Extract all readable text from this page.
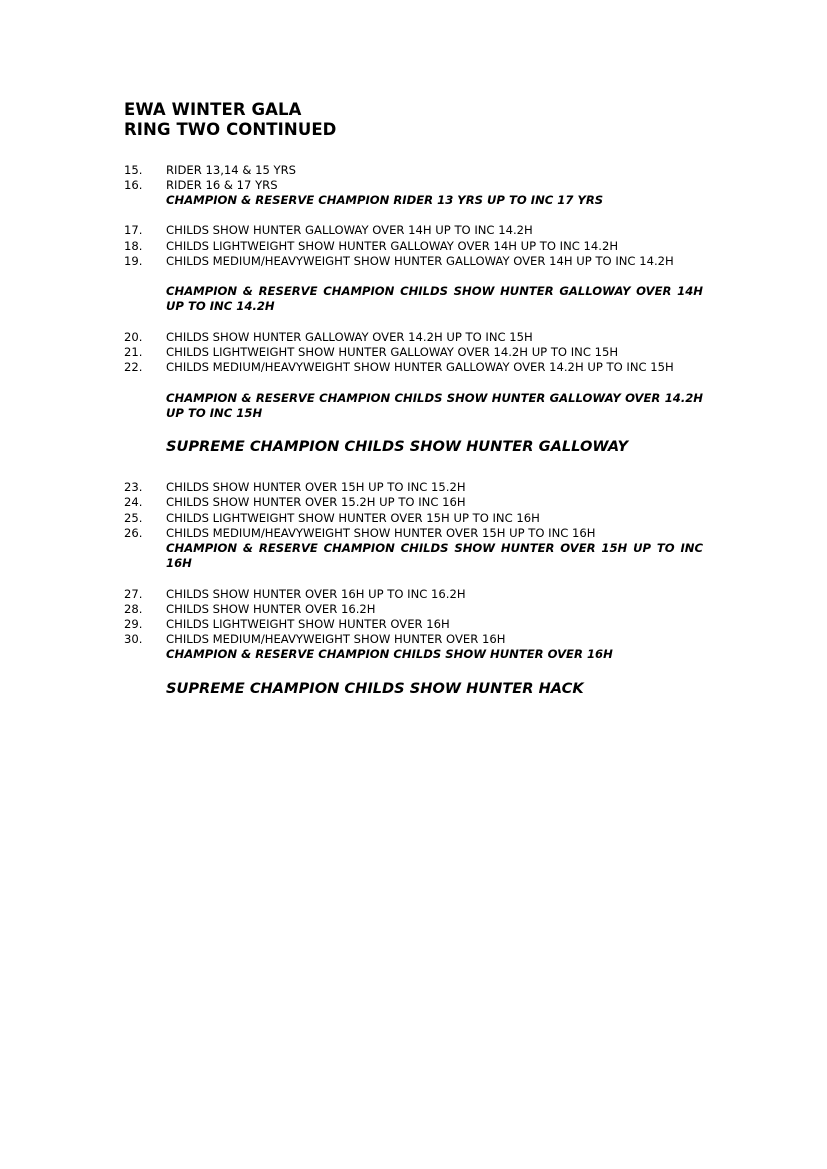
EWA WINTER GALA
RING TWO CONTINUED
15.	RIDER 13,14 & 15 YRS
16.	RIDER 16 & 17 YRS
CHAMPION & RESERVE CHAMPION RIDER 13 YRS UP TO INC 17 YRS
17.	CHILDS SHOW HUNTER GALLOWAY OVER 14H UP TO INC 14.2H
18.	CHILDS LIGHTWEIGHT SHOW HUNTER GALLOWAY OVER 14H UP TO INC 14.2H
19.	CHILDS MEDIUM/HEAVYWEIGHT SHOW HUNTER GALLOWAY OVER 14H UP TO INC 14.2H
CHAMPION & RESERVE CHAMPION CHILDS SHOW HUNTER GALLOWAY OVER 14H UP TO INC 14.2H
20.	CHILDS SHOW HUNTER GALLOWAY OVER 14.2H UP TO INC 15H
21.	CHILDS LIGHTWEIGHT SHOW HUNTER GALLOWAY OVER 14.2H UP TO INC 15H
22.	CHILDS MEDIUM/HEAVYWEIGHT SHOW HUNTER GALLOWAY OVER 14.2H UP TO INC 15H
CHAMPION & RESERVE CHAMPION CHILDS SHOW HUNTER GALLOWAY OVER 14.2H UP TO INC 15H
SUPREME CHAMPION CHILDS SHOW HUNTER GALLOWAY
23.	CHILDS SHOW HUNTER OVER 15H UP TO INC 15.2H
24.	CHILDS SHOW HUNTER OVER 15.2H UP TO INC 16H
25.	CHILDS LIGHTWEIGHT SHOW HUNTER OVER 15H UP TO INC 16H
26.	CHILDS MEDIUM/HEAVYWEIGHT SHOW HUNTER OVER 15H UP TO INC 16H
CHAMPION & RESERVE CHAMPION CHILDS SHOW HUNTER OVER 15H UP TO INC 16H
27.	CHILDS SHOW HUNTER OVER 16H UP TO INC 16.2H
28.	CHILDS SHOW HUNTER OVER 16.2H
29.	CHILDS LIGHTWEIGHT SHOW HUNTER OVER 16H
30.	CHILDS MEDIUM/HEAVYWEIGHT SHOW HUNTER OVER 16H
CHAMPION & RESERVE CHAMPION CHILDS SHOW HUNTER OVER 16H
SUPREME CHAMPION CHILDS SHOW HUNTER HACK
